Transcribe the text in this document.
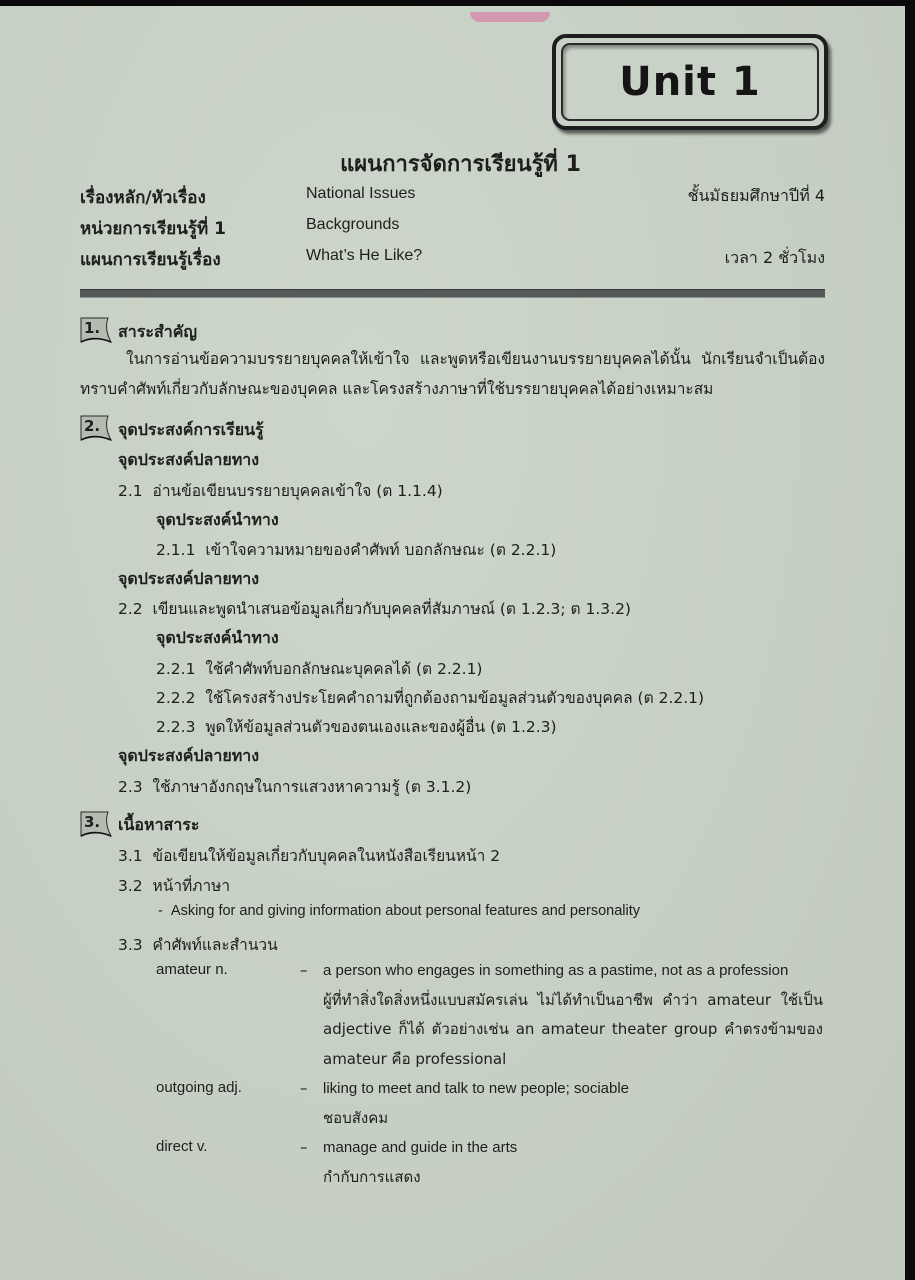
Unit 1
แผนการจัดการเรียนรู้ที่ 1
เรื่องหลัก/หัวเรื่อง	National Issues	ชั้นมัธยมศึกษาปีที่ 4
หน่วยการเรียนรู้ที่ 1	Backgrounds
แผนการเรียนรู้เรื่อง	What’s He Like?	เวลา 2 ชั่วโมง
1. สาระสำคัญ
ในการอ่านข้อความบรรยายบุคคลให้เข้าใจ และพูดหรือเขียนงานบรรยายบุคคลได้นั้น นักเรียนจำเป็นต้องทราบคำศัพท์เกี่ยวกับลักษณะของบุคคล และโครงสร้างภาษาที่ใช้บรรยายบุคคลได้อย่างเหมาะสม
2. จุดประสงค์การเรียนรู้
จุดประสงค์ปลายทาง
2.1 อ่านข้อเขียนบรรยายบุคคลเข้าใจ (ต 1.1.4)
จุดประสงค์นำทาง
2.1.1 เข้าใจความหมายของคำศัพท์ บอกลักษณะ (ต 2.2.1)
จุดประสงค์ปลายทาง
2.2 เขียนและพูดนำเสนอข้อมูลเกี่ยวกับบุคคลที่สัมภาษณ์ (ต 1.2.3; ต 1.3.2)
จุดประสงค์นำทาง
2.2.1 ใช้คำศัพท์บอกลักษณะบุคคลได้ (ต 2.2.1)
2.2.2 ใช้โครงสร้างประโยคคำถามที่ถูกต้องถามข้อมูลส่วนตัวของบุคคล (ต 2.2.1)
2.2.3 พูดให้ข้อมูลส่วนตัวของตนเองและของผู้อื่น (ต 1.2.3)
จุดประสงค์ปลายทาง
2.3 ใช้ภาษาอังกฤษในการแสวงหาความรู้ (ต 3.1.2)
3. เนื้อหาสาระ
3.1 ข้อเขียนให้ข้อมูลเกี่ยวกับบุคคลในหนังสือเรียนหน้า 2
3.2 หน้าที่ภาษา
- Asking for and giving information about personal features and personality
3.3 คำศัพท์และสำนวน
amateur n.	– a person who engages in something as a pastime, not as a profession
ผู้ที่ทำสิ่งใดสิ่งหนึ่งแบบสมัครเล่น ไม่ได้ทำเป็นอาชีพ คำว่า amateur ใช้เป็น adjective ก็ได้ ตัวอย่างเช่น an amateur theater group คำตรงข้ามของ amateur คือ professional
outgoing adj.	– liking to meet and talk to new people; sociable
ชอบสังคม
direct v.	– manage and guide in the arts
กำกับการแสดง
